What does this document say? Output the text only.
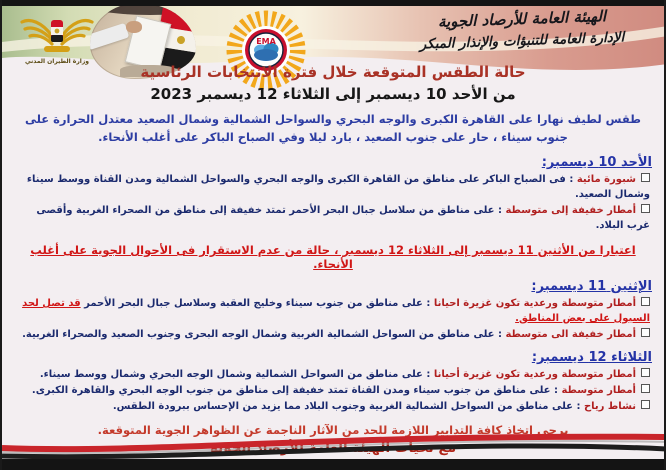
وزارة الطيران المدني
EMA
الهيئة العامة للأرصاد الجوية
الإدارة العامة للتنبؤات والإنذار المبكر
حالة الطقس المتوقعة خلال فترة الانتخابات الرئاسية
من الأحد 10 ديسمبر إلى الثلاثاء 12 ديسمبر 2023
طقس لطيف نهارا على القاهرة الكبرى والوجه البحري والسواحل الشمالية وشمال الصعيد معتدل الحرارة على جنوب سيناء ، حار على جنوب الصعيد ، بارد ليلا وفي الصباح الباكر على أغلب الأنحاء.
الأحد 10 ديسمبر:
شبورة مائية : فى الصباح الباكر على مناطق من القاهرة الكبرى والوجه البحري والسواحل الشمالية ومدن القناة ووسط سيناء وشمال الصعيد.
أمطار خفيفة إلى متوسطة : على مناطق من سلاسل جبال البحر الأحمر تمتد خفيفة إلى مناطق من الصحراء الغربية وأقصى غرب البلاد.
اعتبارا من الأثنين 11 ديسمبر إلى الثلاثاء 12 ديسمبر ، حالة من عدم الاستقرار فى الأحوال الجوية على أغلب الأنحاء.
الإثنين 11 ديسمبر:
أمطار متوسطة ورعدية تكون غزيرة احيانا : على مناطق من جنوب سيناء وخليج العقبة وسلاسل جبال البحر الأحمر قد تصل لحد السيول على بعض المناطق.
أمطار خفيفة الى متوسطة : على مناطق من السواحل الشمالية الغربية وشمال الوجه البحرى وجنوب الصعيد والصحراء الغربية.
الثلاثاء 12 ديسمبر:
أمطار متوسطة ورعدية تكون غزيرة أحيانا : على مناطق من السواحل الشمالية وشمال الوجه البحري وشمال ووسط سيناء.
أمطار متوسطة : على مناطق من جنوب سيناء ومدن القناة تمتد خفيفة إلى مناطق من جنوب الوجه البحري والقاهرة الكبرى.
نشاط رياح : على مناطق من السواحل الشمالية الغربية وجنوب البلاد مما يزيد من الإحساس ببرودة الطقس.
يرجى اتخاذ كافة التدابير اللازمة للحد من الآثار الناجمة عن الظواهر الجوية المتوقعة.
مع تحيات الهيئة العامة للأرصاد الجوية
